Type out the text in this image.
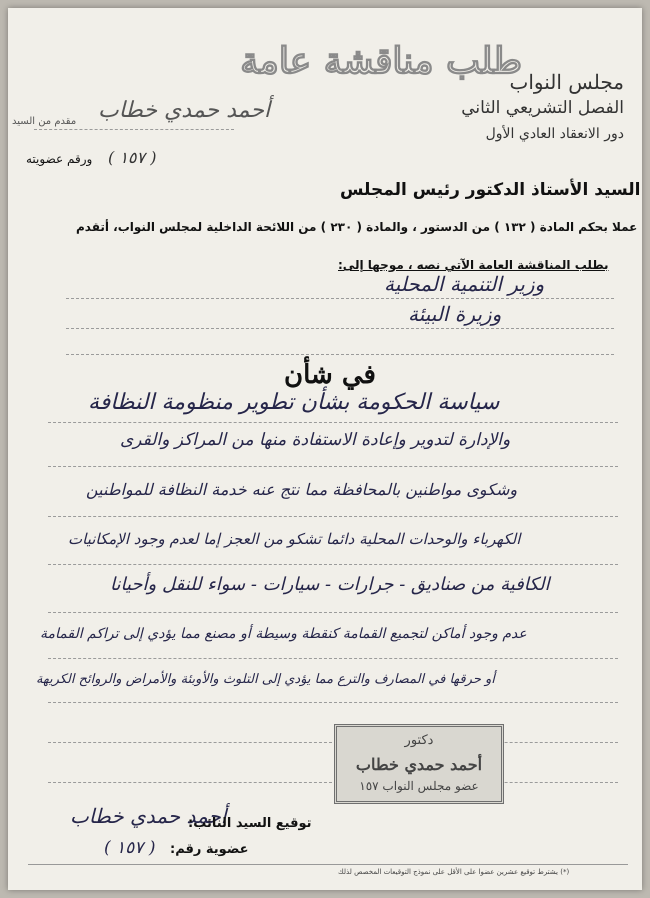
طلب مناقشة عامة
مجلس النواب
الفصل التشريعي الثاني
دور الانعقاد العادي الأول
مقدم من السيد أحمد حمدي خطاب
ورقم عضويته ( ١٥٧ )
السيد الأستاذ الدكتور رئيس المجلس
عملا بحكم المادة ( ١٣٢ ) من الدستور ، والمادة ( ٢٣٠ ) من اللائحة الداخلية لمجلس النواب، أتقدم
بطلب المناقشة العامة الآتي نصه ، موجها إلى:
وزير التنمية المحلية
وزيرة البيئة
في شأن
سياسة الحكومة بشأن تطوير منظومة النظافة
والإدارة لتدوير وإعادة الاستفادة منها من المراكز والقرى
وشكوى مواطنين بالمحافظة مما نتج عنه خدمة النظافة للمواطنين
الكهرباء والوحدات المحلية دائما تشكو من العجز إما لعدم وجود الإمكانيات
الكافية من صناديق - جرارات - سيارات - سواء للنقل وأحيانا
عدم وجود أماكن لتجميع القمامة كنقطة وسيطة أو مصنع مما يؤدي إلى تراكم القمامة
أو حرقها في المصارف والترع مما يؤدي إلى التلوث والأوبئة والأمراض والروائح الكريهة
دكتور
أحمد حمدي خطاب
عضو مجلس النواب ١٥٧
أحمد حمدي خطاب
توقيع السيد النائب:
( ١٥٧ ) عضوية رقم:
(*) يشترط توقيع عشرين عضوا على الأقل على نموذج التوقيعات المخصص لذلك
